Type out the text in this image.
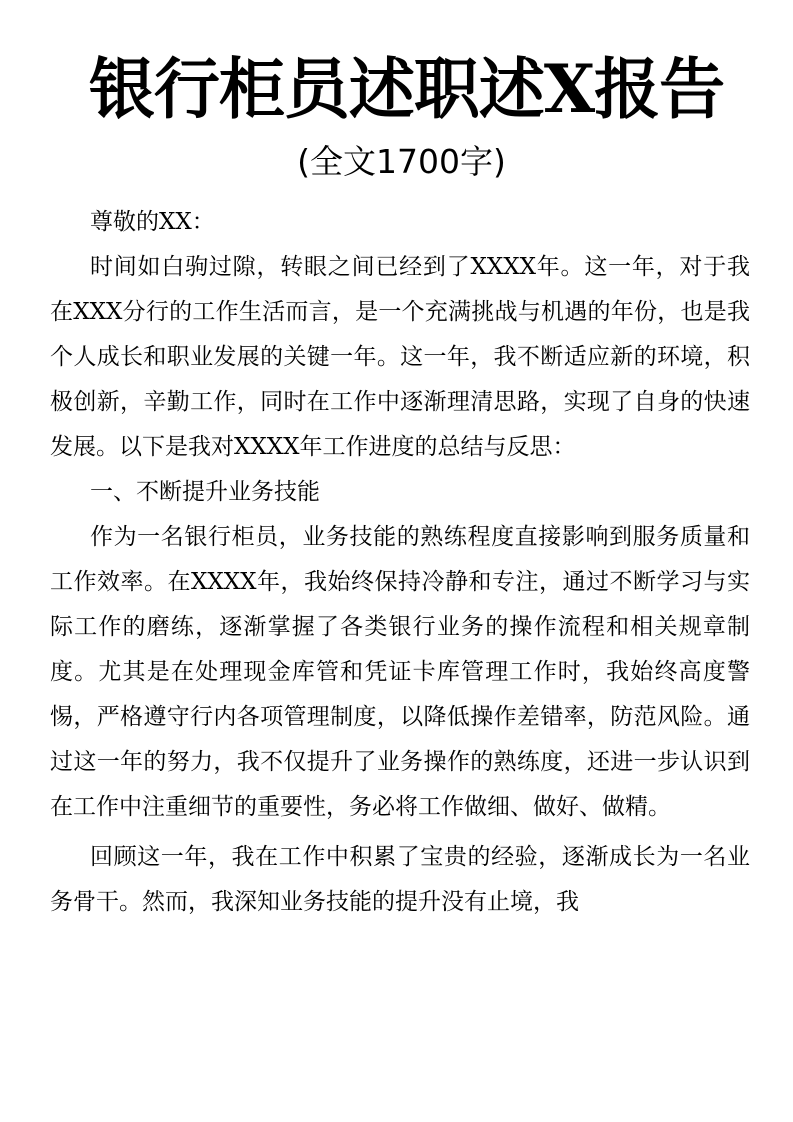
银行柜员述职述X报告
(全文1700字)

尊敬的XX：

时间如白驹过隙，转眼之间已经到了XXXX年。这一年，对于我在XXX分行的工作生活而言，是一个充满挑战与机遇的年份，也是我个人成长和职业发展的关键一年。这一年，我不断适应新的环境，积极创新，辛勤工作，同时在工作中逐渐理清思路，实现了自身的快速发展。以下是我对XXXX年工作进度的总结与反思：

一、不断提升业务技能

作为一名银行柜员，业务技能的熟练程度直接影响到服务质量和工作效率。在XXXX年，我始终保持冷静和专注，通过不断学习与实际工作的磨练，逐渐掌握了各类银行业务的操作流程和相关规章制度。尤其是在处理现金库管和凭证卡库管理工作时，我始终高度警惕，严格遵守行内各项管理制度，以降低操作差错率，防范风险。通过这一年的努力，我不仅提升了业务操作的熟练度，还进一步认识到在工作中注重细节的重要性，务必将工作做细、做好、做精。

回顾这一年，我在工作中积累了宝贵的经验，逐渐成长为一名业务骨干。然而，我深知业务技能的提升没有止境，我
